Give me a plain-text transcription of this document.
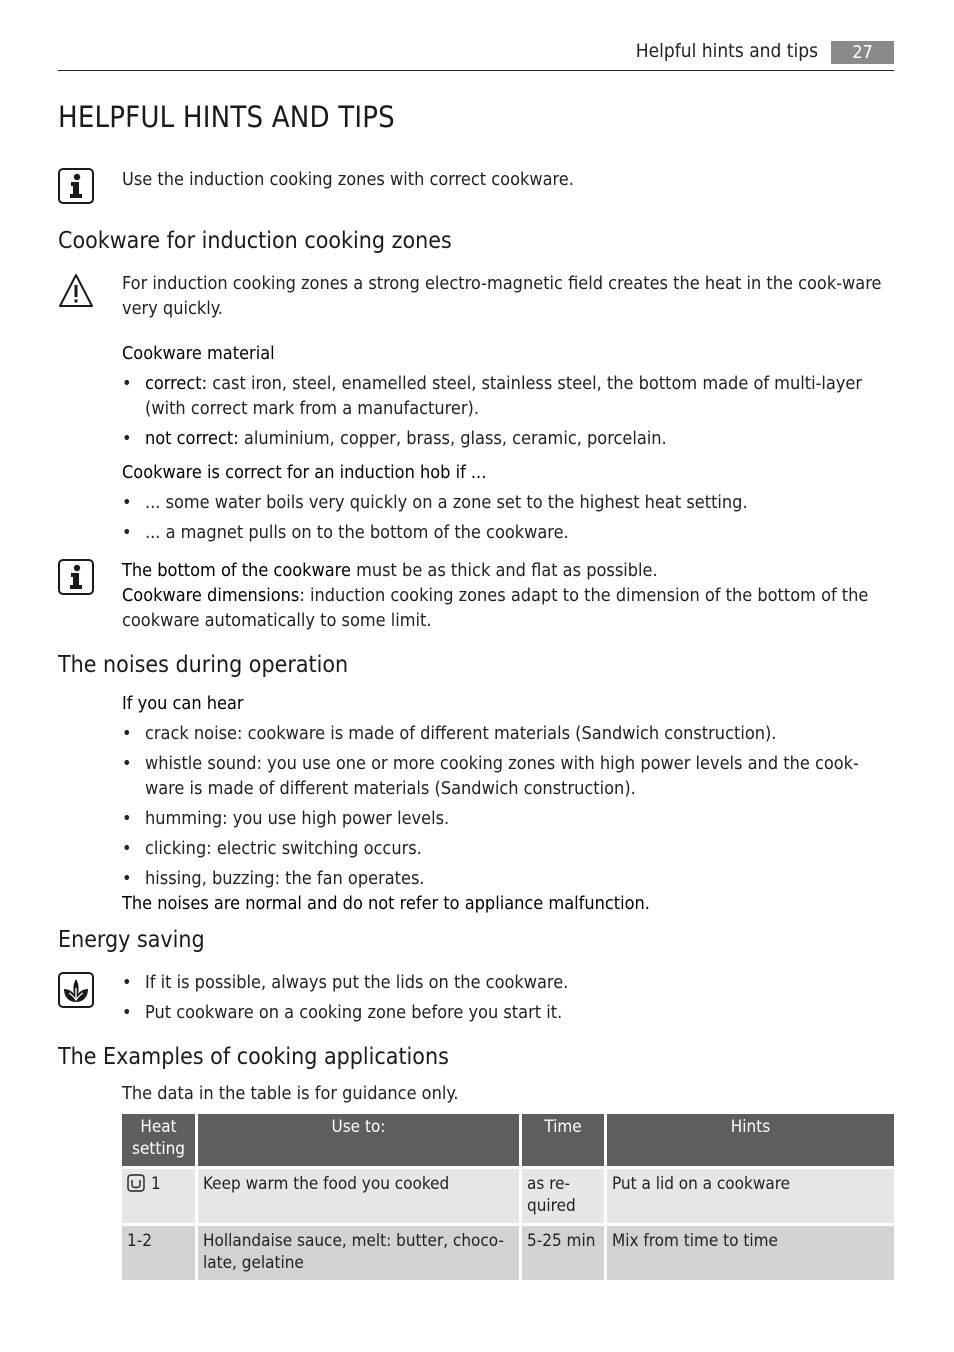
Helpful hints and tips	27
HELPFUL HINTS AND TIPS
Use the induction cooking zones with correct cookware.
Cookware for induction cooking zones
For induction cooking zones a strong electro-magnetic field creates the heat in the cook-ware very quickly.
Cookware material
• correct: cast iron, steel, enamelled steel, stainless steel, the bottom made of multi-layer (with correct mark from a manufacturer).
• not correct: aluminium, copper, brass, glass, ceramic, porcelain.
Cookware is correct for an induction hob if ...
• ... some water boils very quickly on a zone set to the highest heat setting.
• ... a magnet pulls on to the bottom of the cookware.
The bottom of the cookware must be as thick and flat as possible.
Cookware dimensions: induction cooking zones adapt to the dimension of the bottom of the cookware automatically to some limit.
The noises during operation
If you can hear
• crack noise: cookware is made of different materials (Sandwich construction).
• whistle sound: you use one or more cooking zones with high power levels and the cook-ware is made of different materials (Sandwich construction).
• humming: you use high power levels.
• clicking: electric switching occurs.
• hissing, buzzing: the fan operates.
The noises are normal and do not refer to appliance malfunction.
Energy saving
• If it is possible, always put the lids on the cookware.
• Put cookware on a cooking zone before you start it.
The Examples of cooking applications
The data in the table is for guidance only.
Heat setting	Use to:	Time	Hints
1	Keep warm the food you cooked	as re-quired	Put a lid on a cookware
1-2	Hollandaise sauce, melt: butter, choco-late, gelatine	5-25 min	Mix from time to time
